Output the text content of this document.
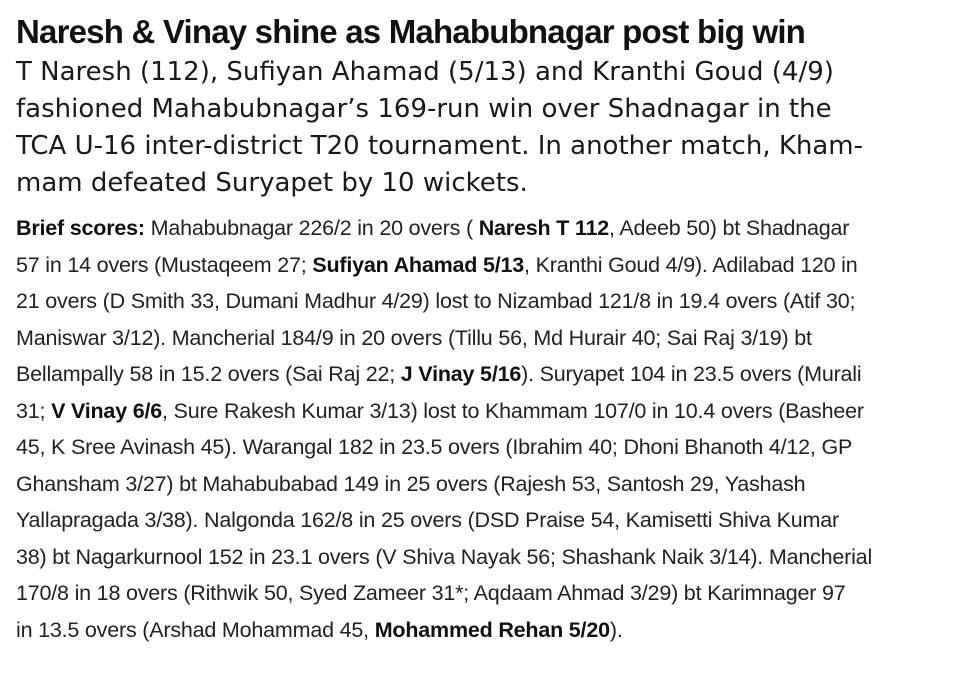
Naresh & Vinay shine as Mahabubnagar post big win
T Naresh (112), Sufiyan Ahamad (5/13) and Kranthi Goud (4/9)
fashioned Mahabubnagar’s 169-run win over Shadnagar in the
TCA U-16 inter-district T20 tournament. In another match, Kham-
mam defeated Suryapet by 10 wickets.
Brief scores: Mahabubnagar 226/2 in 20 overs ( Naresh T 112, Adeeb 50) bt Shadnagar
57 in 14 overs (Mustaqeem 27; Sufiyan Ahamad 5/13, Kranthi Goud 4/9). Adilabad 120 in
21 overs (D Smith 33, Dumani Madhur 4/29) lost to Nizambad 121/8 in 19.4 overs (Atif 30;
Maniswar 3/12). Mancherial 184/9 in 20 overs (Tillu 56, Md Hurair 40; Sai Raj 3/19) bt
Bellampally 58 in 15.2 overs (Sai Raj 22; J Vinay 5/16). Suryapet 104 in 23.5 overs (Murali
31; V Vinay 6/6, Sure Rakesh Kumar 3/13) lost to Khammam 107/0 in 10.4 overs (Basheer
45, K Sree Avinash 45). Warangal 182 in 23.5 overs (Ibrahim 40; Dhoni Bhanoth 4/12, GP
Ghansham 3/27) bt Mahabubabad 149 in 25 overs (Rajesh 53, Santosh 29, Yashash
Yallapragada 3/38). Nalgonda 162/8 in 25 overs (DSD Praise 54, Kamisetti Shiva Kumar
38) bt Nagarkurnool 152 in 23.1 overs (V Shiva Nayak 56; Shashank Naik 3/14). Mancherial
170/8 in 18 overs (Rithwik 50, Syed Zameer 31*; Aqdaam Ahmad 3/29) bt Karimnager 97
in 13.5 overs (Arshad Mohammad 45, Mohammed Rehan 5/20).
